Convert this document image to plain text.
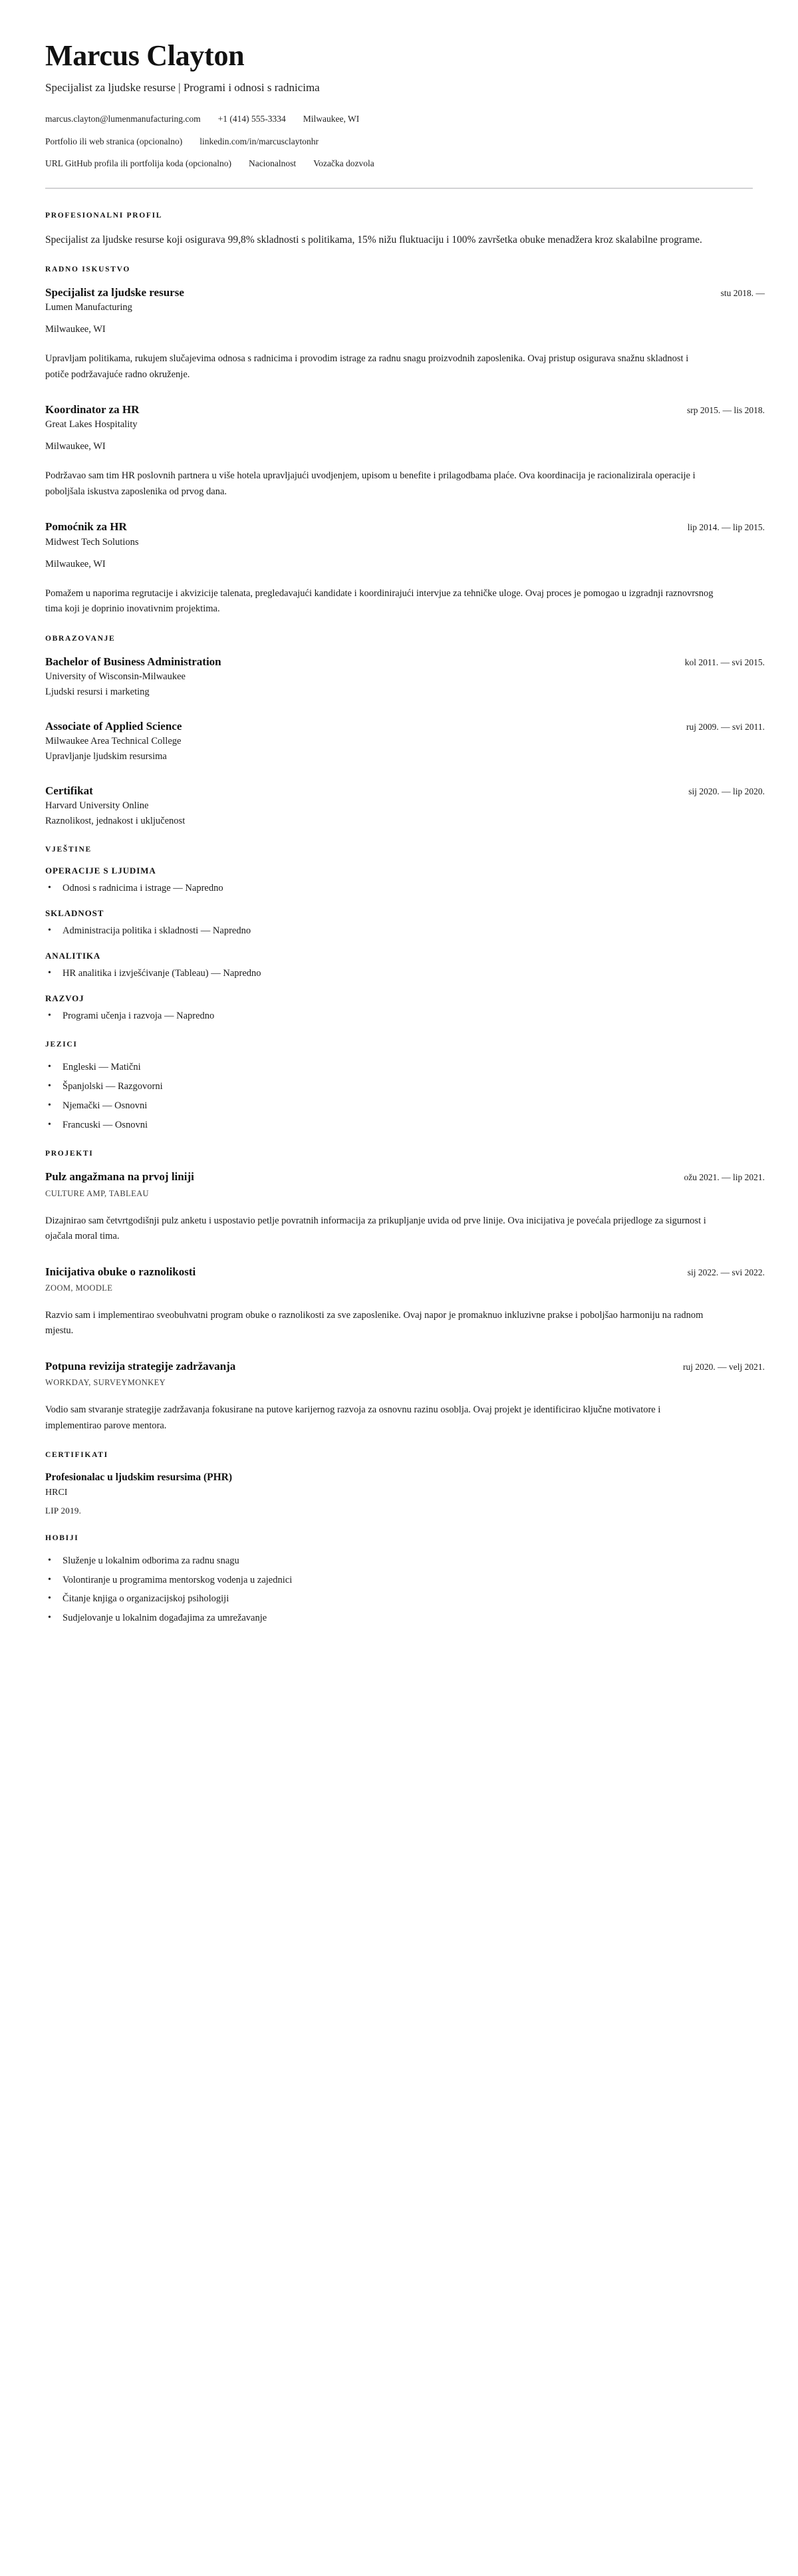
Marcus Clayton

Specijalist za ljudske resurse | Programi i odnosi s radnicima

marcus.clayton@lumenmanufacturing.com +1 (414) 555-3334 Milwaukee, WI
Portfolio ili web stranica (opcionalno) linkedin.com/in/marcusclaytonhr
URL GitHub profila ili portfolija koda (opcionalno) Nacionalnost Vozačka dozvola
PROFESIONALNI PROFIL

Specijalist za ljudske resurse koji osigurava 99,8% skladnosti s politikama, 15% nižu fluktuaciju i 100% završetka obuke menadžera kroz skalabilne programe.

RADNO ISKUSTVO
Specijalist za ljudske resurse	stu 2018. —

Lumen Manufacturing

Milwaukee, WI

Upravljam politikama, rukujem slučajevima odnosa s radnicima i provodim istrage za radnu snagu proizvodnih zaposlenika. Ovaj pristup osigurava snažnu skladnost i potiče podržavajuće radno okruženje.

Koordinator za HR	srp 2015. — lis 2018.

Great Lakes Hospitality

Milwaukee, WI

Podržavao sam tim HR poslovnih partnera u više hotela upravljajući uvodjenjem, upisom u benefite i prilagodbama plaće. Ova koordinacija je racionalizirala operacije i poboljšala iskustva zaposlenika od prvog dana.

Pomoćnik za HR	lip 2014. — lip 2015.

Midwest Tech Solutions

Milwaukee, WI

Pomažem u naporima regrutacije i akvizicije talenata, pregledavajući kandidate i koordinirajući intervjue za tehničke uloge. Ovaj proces je pomogao u izgradnji raznovrsnog tima koji je doprinio inovativnim projektima.

OBRAZOVANJE
Bachelor of Business Administration	kol 2011. — svi 2015.

University of Wisconsin-Milwaukee

Ljudski resursi i marketing

Associate of Applied Science	ruj 2009. — svi 2011.

Milwaukee Area Technical College

Upravljanje ljudskim resursima

Certifikat	sij 2020. — lip 2020.

Harvard University Online

Raznolikost, jednakost i uključenost

VJEŠTINE
OPERACIJE S LJUDIMA
• Odnosi s radnicima i istrage — Napredno
SKLADNOST
• Administracija politika i skladnosti — Napredno
ANALITIKA
• HR analitika i izvješćivanje (Tableau) — Napredno
RAZVOJ
• Programi učenja i razvoja — Napredno
JEZICI
• Engleski — Matični
• Španjolski — Razgovorni
• Njemački — Osnovni
• Francuski — Osnovni
PROJEKTI
Pulz angažmana na prvoj liniji	ožu 2021. — lip 2021.

CULTURE AMP, TABLEAU

Dizajnirao sam četvrtgodišnji pulz anketu i uspostavio petlje povratnih informacija za prikupljanje uvida od prve linije. Ova inicijativa je povećala prijedloge za sigurnost i ojačala moral tima.

Inicijativa obuke o raznolikosti	sij 2022. — svi 2022.

ZOOM, MOODLE

Razvio sam i implementirao sveobuhvatni program obuke o raznolikosti za sve zaposlenike. Ovaj napor je promaknuo inkluzivne prakse i poboljšao harmoniju na radnom mjestu.

Potpuna revizija strategije zadržavanja	ruj 2020. — velj 2021.

WORKDAY, SURVEYMONKEY

Vodio sam stvaranje strategije zadržavanja fokusirane na putove karijernog razvoja za osnovnu razinu osoblja. Ovaj projekt je identificirao ključne motivatore i implementirao parove mentora.

CERTIFIKATI
Profesionalac u ljudskim resursima (PHR)

HRCI

LIP 2019.

HOBIJI
• Služenje u lokalnim odborima za radnu snagu
• Volontiranje u programima mentorskog vodenja u zajednici
• Čitanje knjiga o organizacijskoj psihologiji
• Sudjelovanje u lokalnim događajima za umrežavanje
